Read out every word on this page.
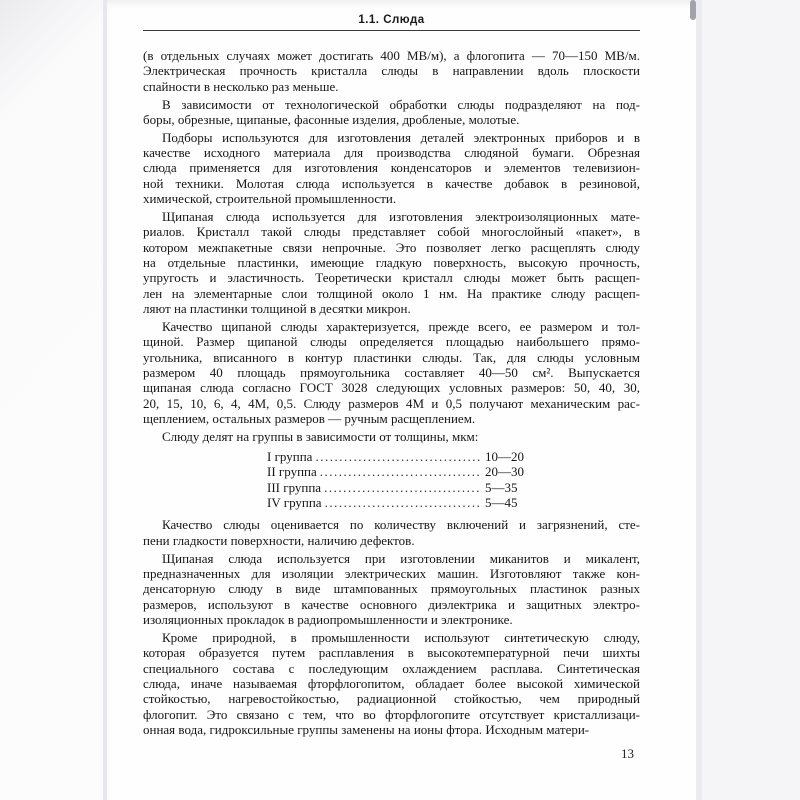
1.1. Слюда
(в отдельных случаях может достигать 400 МВ/м), а флогопита — 70—150 МВ/м.
Электрическая прочность кристалла слюды в направлении вдоль плоскости
спайности в несколько раз меньше.
В зависимости от технологической обработки слюды подразделяют на под-
боры, обрезные, щипаные, фасонные изделия, дробленые, молотые.
Подборы используются для изготовления деталей электронных приборов и в
качестве исходного материала для производства слюдяной бумаги. Обрезная
слюда применяется для изготовления конденсаторов и элементов телевизион-
ной техники. Молотая слюда используется в качестве добавок в резиновой,
химической, строительной промышленности.
Щипаная слюда используется для изготовления электроизоляционных мате-
риалов. Кристалл такой слюды представляет собой многослойный «пакет», в
котором межпакетные связи непрочные. Это позволяет легко расщеплять слюду
на отдельные пластинки, имеющие гладкую поверхность, высокую прочность,
упругость и эластичность. Теоретически кристалл слюды может быть расщеп-
лен на элементарные слои толщиной около 1 нм. На практике слюду расщеп-
ляют на пластинки толщиной в десятки микрон.
Качество щипаной слюды характеризуется, прежде всего, ее размером и тол-
щиной. Размер щипаной слюды определяется площадью наибольшего прямо-
угольника, вписанного в контур пластинки слюды. Так, для слюды условным
размером 40 площадь прямоугольника составляет 40—50 см². Выпускается
щипаная слюда согласно ГОСТ 3028 следующих условных размеров: 50, 40, 30,
20, 15, 10, 6, 4, 4М, 0,5. Слюду размеров 4М и 0,5 получают механическим рас-
щеплением, остальных размеров — ручным расщеплением.
Слюду делят на группы в зависимости от толщины, мкм:
I группа .....	10—20
II группа .....	20—30
III группа .....	5—35
IV группа .....	5—45
Качество слюды оценивается по количеству включений и загрязнений, сте-
пени гладкости поверхности, наличию дефектов.
Щипаная слюда используется при изготовлении миканитов и микалент,
предназначенных для изоляции электрических машин. Изготовляют также кон-
денсаторную слюду в виде штампованных прямоугольных пластинок разных
размеров, используют в качестве основного диэлектрика и защитных электро-
изоляционных прокладок в радиопромышленности и электронике.
Кроме природной, в промышленности используют синтетическую слюду,
которая образуется путем расплавления в высокотемпературной печи шихты
специального состава с последующим охлаждением расплава. Синтетическая
слюда, иначе называемая фторфлогопитом, обладает более высокой химической
стойкостью, нагревостойкостью, радиационной стойкостью, чем природный
флогопит. Это связано с тем, что во фторфлогопите отсутствует кристаллизаци-
онная вода, гидроксильные группы заменены на ионы фтора. Исходным матери-
13
